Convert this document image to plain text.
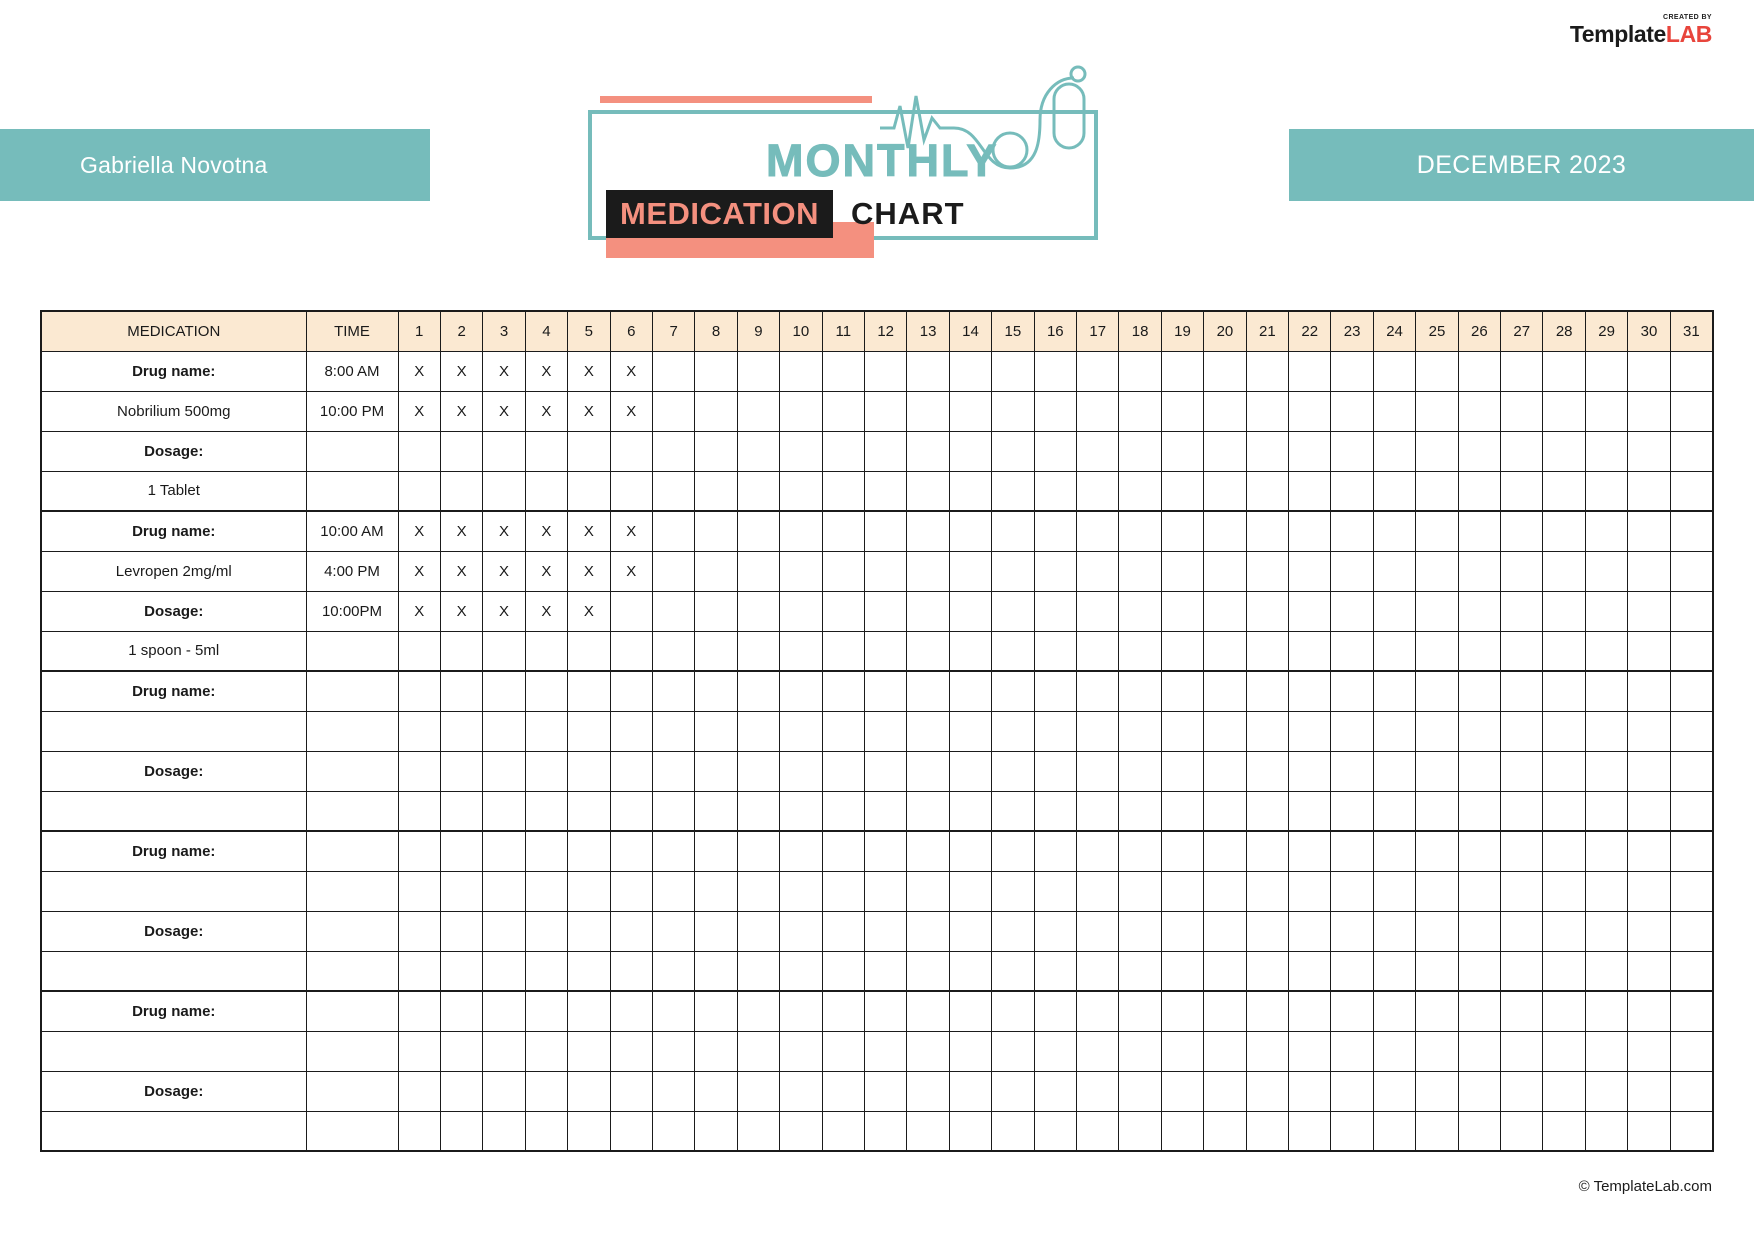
CREATED BY
TemplateLAB
Gabriella Novotna	DECEMBER 2023
MONTHLY
MEDICATION	CHART
MEDICATION	TIME	1	2	3	4	5	6	7	8	9	10	11	12	13	14	15	16	17	18	19	20	21	22	23	24	25	26	27	28	29	30	31
Drug name:	8:00 AM	X	X	X	X	X	X																									
Nobrilium 500mg	10:00 PM	X	X	X	X	X	X																									
Dosage:																																
1 Tablet																																
Drug name:	10:00 AM	X	X	X	X	X	X																									
Levropen 2mg/ml	4:00 PM	X	X	X	X	X	X																									
Dosage:	10:00PM	X	X	X	X	X																										
1 spoon - 5ml																																
Drug name:																																

Dosage:																																

Drug name:																																

Dosage:																																

Drug name:																																

Dosage:																																

© TemplateLab.com
